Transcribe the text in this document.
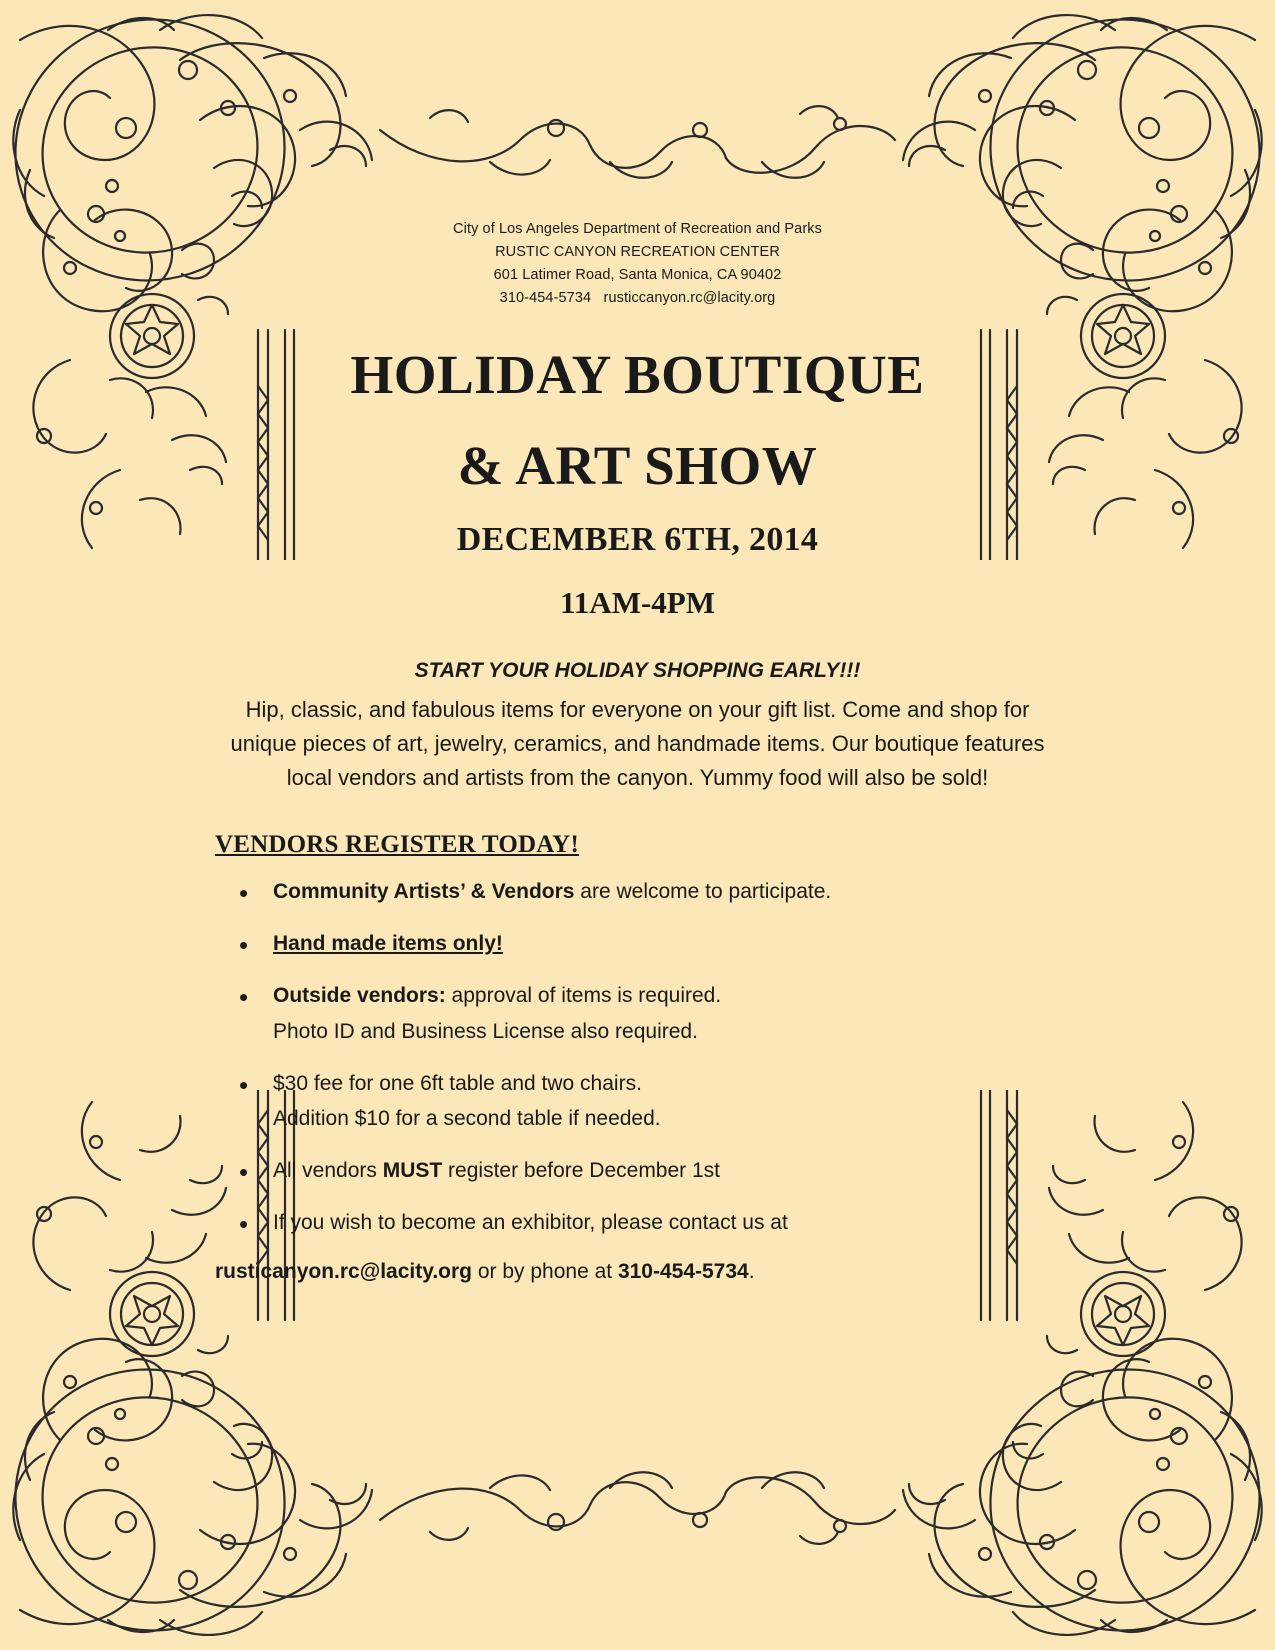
City of Los Angeles Department of Recreation and Parks
RUSTIC CANYON RECREATION CENTER
601 Latimer Road, Santa Monica, CA 90402
310-454-5734   rusticcanyon.rc@lacity.org
HOLIDAY BOUTIQUE
& ART SHOW
DECEMBER 6TH, 2014
11AM-4PM
START YOUR HOLIDAY SHOPPING EARLY!!!
Hip, classic, and fabulous items for everyone on your gift list. Come and shop for unique pieces of art, jewelry, ceramics, and handmade items. Our boutique features local vendors and artists from the canyon. Yummy food will also be sold!
VENDORS REGISTER TODAY!
• Community Artists’ & Vendors are welcome to participate.
• Hand made items only!
• Outside vendors: approval of items is required.
Photo ID and Business License also required.
• $30 fee for one 6ft table and two chairs.
Addition $10 for a second table if needed.
• All vendors MUST register before December 1st
• If you wish to become an exhibitor, please contact us at
rusticanyon.rc@lacity.org or by phone at 310-454-5734.
